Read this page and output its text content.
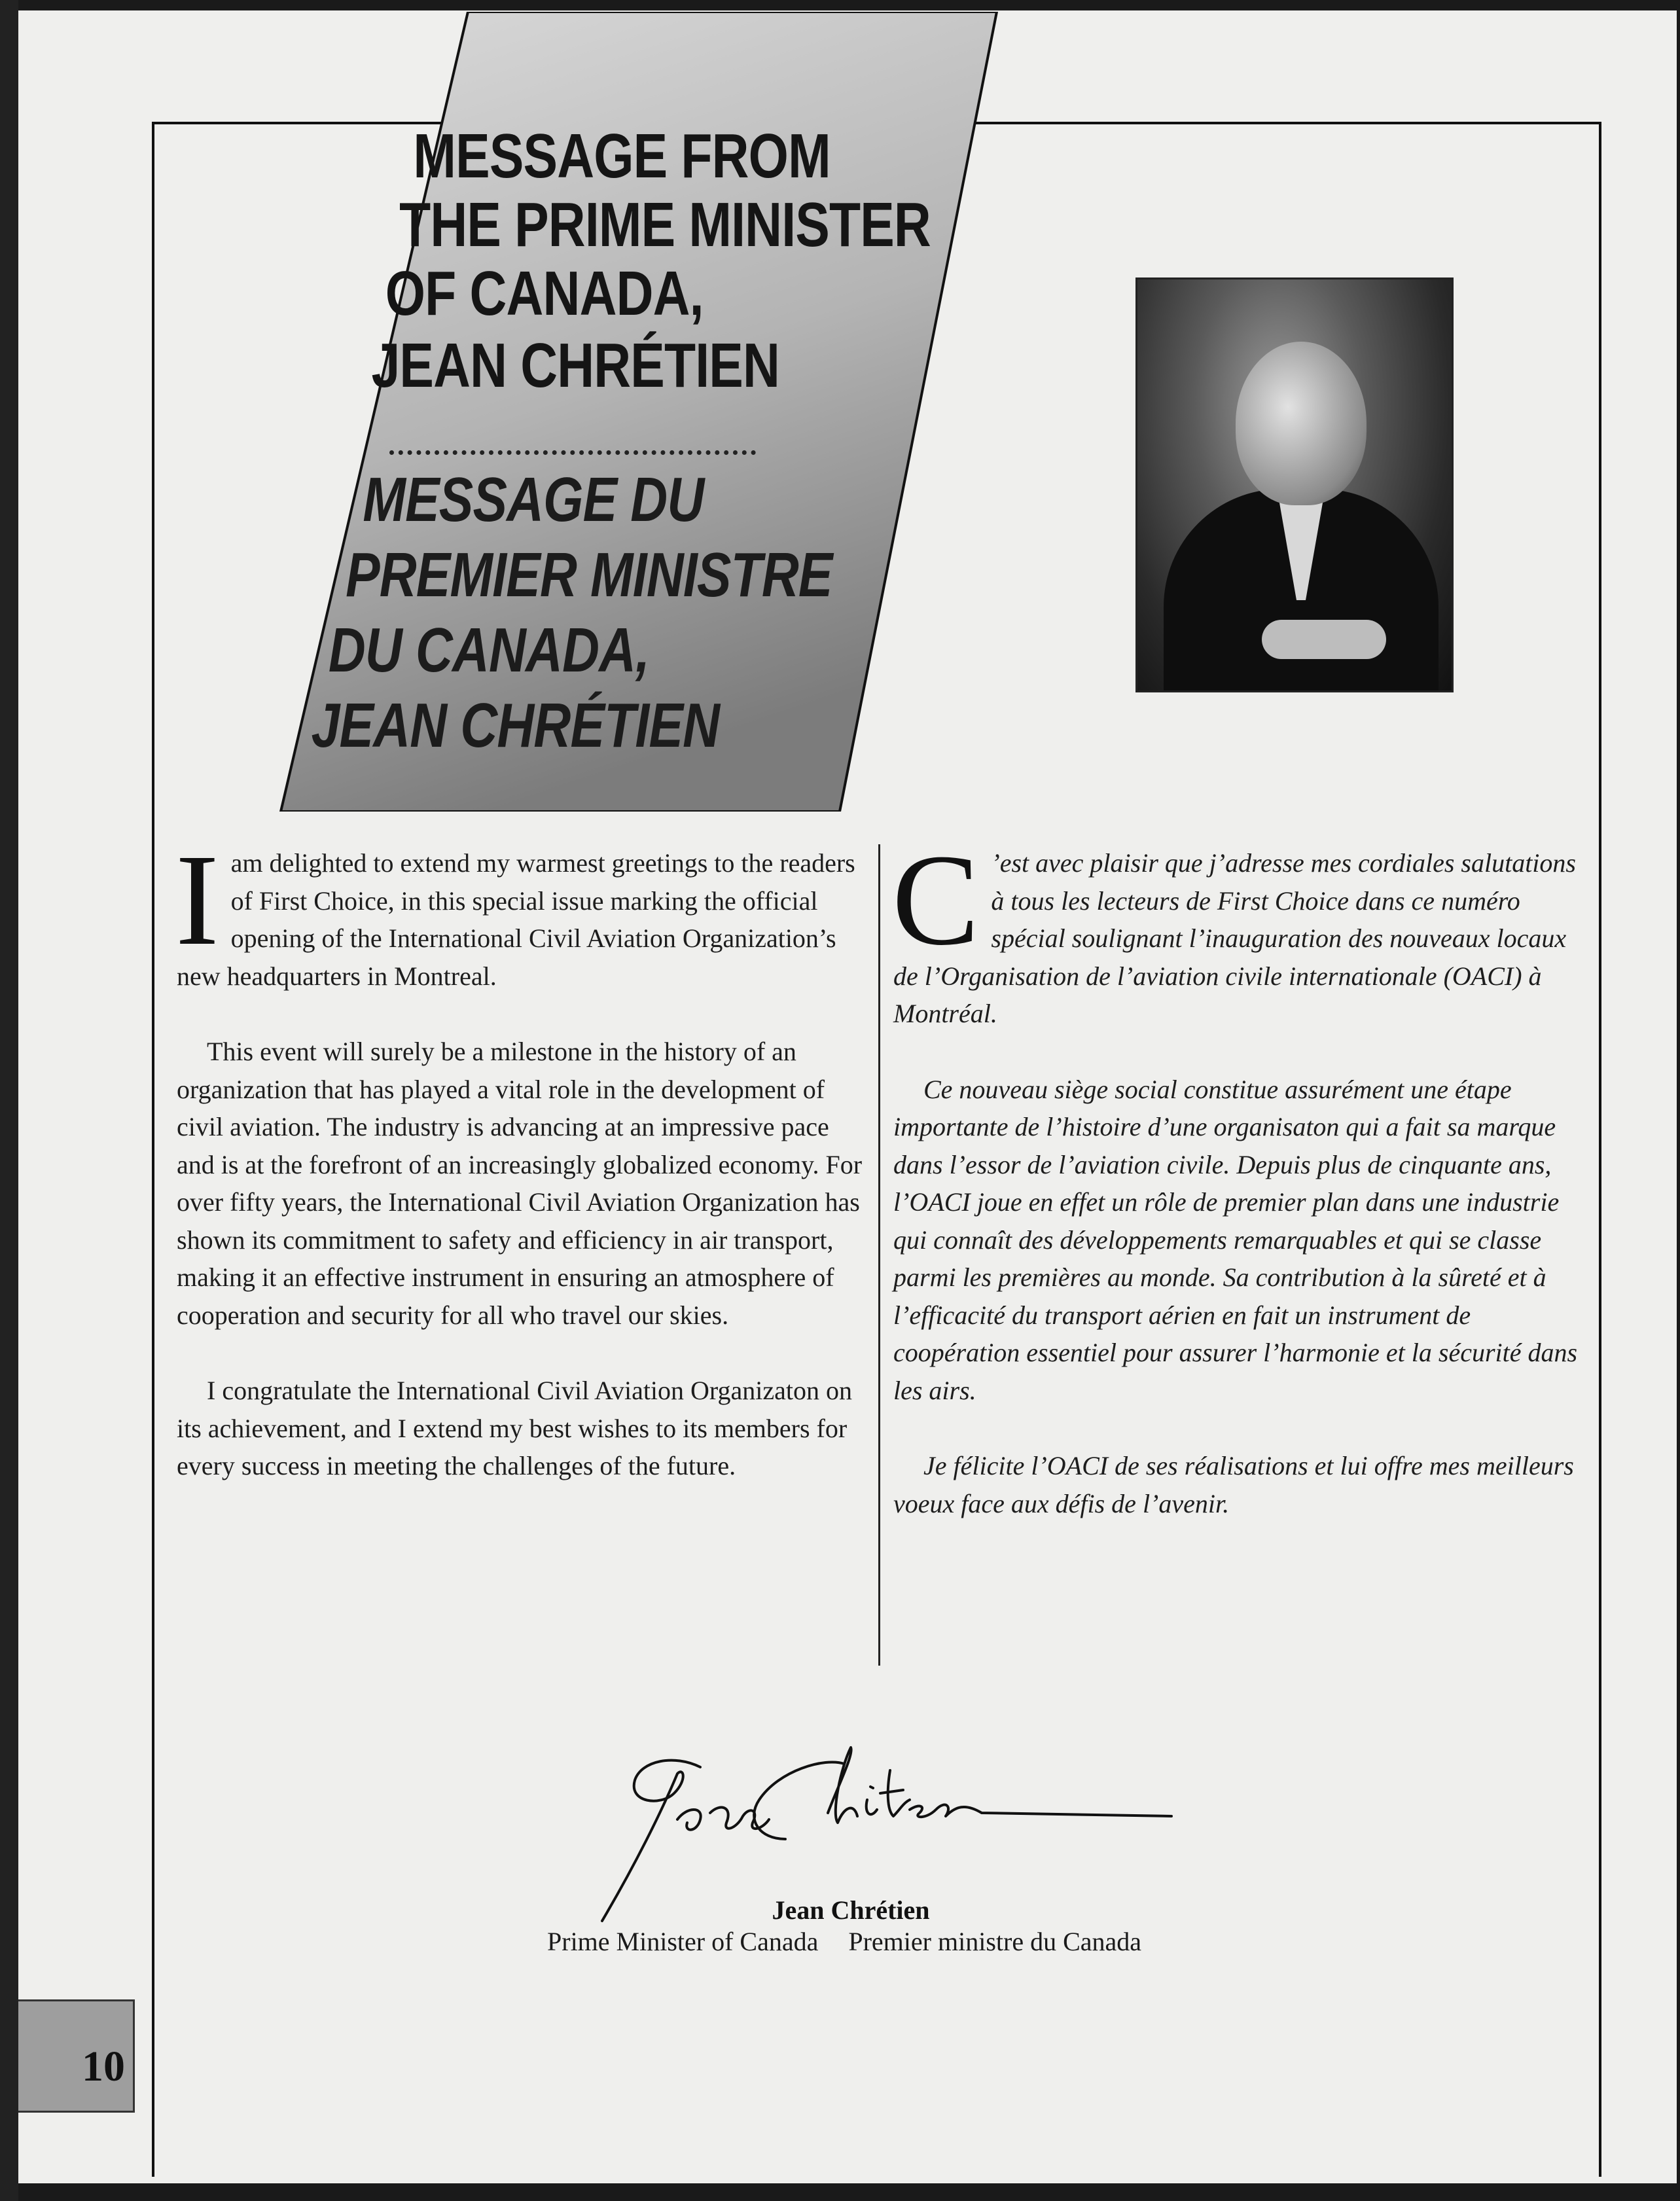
MESSAGE FROM
THE PRIME MINISTER
OF CANADA,
JEAN CHRÉTIEN
MESSAGE DU
PREMIER MINISTRE
DU CANADA,
JEAN CHRÉTIEN

Iam delighted to extend my warmest greetings to the readers of First Choice, in this special issue marking the official opening of the International Civil Aviation Organization’s new headquarters in Montreal.

This event will surely be a milestone in the history of an organization that has played a vital role in the development of civil aviation. The industry is advancing at an impressive pace and is at the forefront of an increasingly globalized economy. For over fifty years, the International Civil Aviation Organization has shown its commitment to safety and efficiency in air transport, making it an effective instrument in ensuring an atmosphere of cooperation and security for all who travel our skies.

I congratulate the International Civil Aviation Organizaton on its achievement, and I extend my best wishes to its members for every success in meeting the challenges of the future.

C ’est avec plaisir que j’adresse mes cordiales salutations à tous les lecteurs de First Choice dans ce numéro spécial soulignant l’inauguration des nouveaux locaux de l’Organisation de l’aviation civile internationale (OACI) à Montréal.

Ce nouveau siège social constitue assurément une étape importante de l’histoire d’une organisaton qui a fait sa marque dans l’essor de l’aviation civile. Depuis plus de cinquante ans, l’OACI joue en effet un rôle de premier plan dans une industrie qui connaît des développements remarquables et qui se classe parmi les premières au monde. Sa contribution à la sûreté et à l’efficacité du transport aérien en fait un instrument de coopération essentiel pour assurer l’harmonie et la sécurité dans les airs.

Je félicite l’OACI de ses réalisations et lui offre mes meilleurs voeux face aux défis de l’avenir.

Jean Chrétien
Prime Minister of Canada Premier ministre du Canada
10
